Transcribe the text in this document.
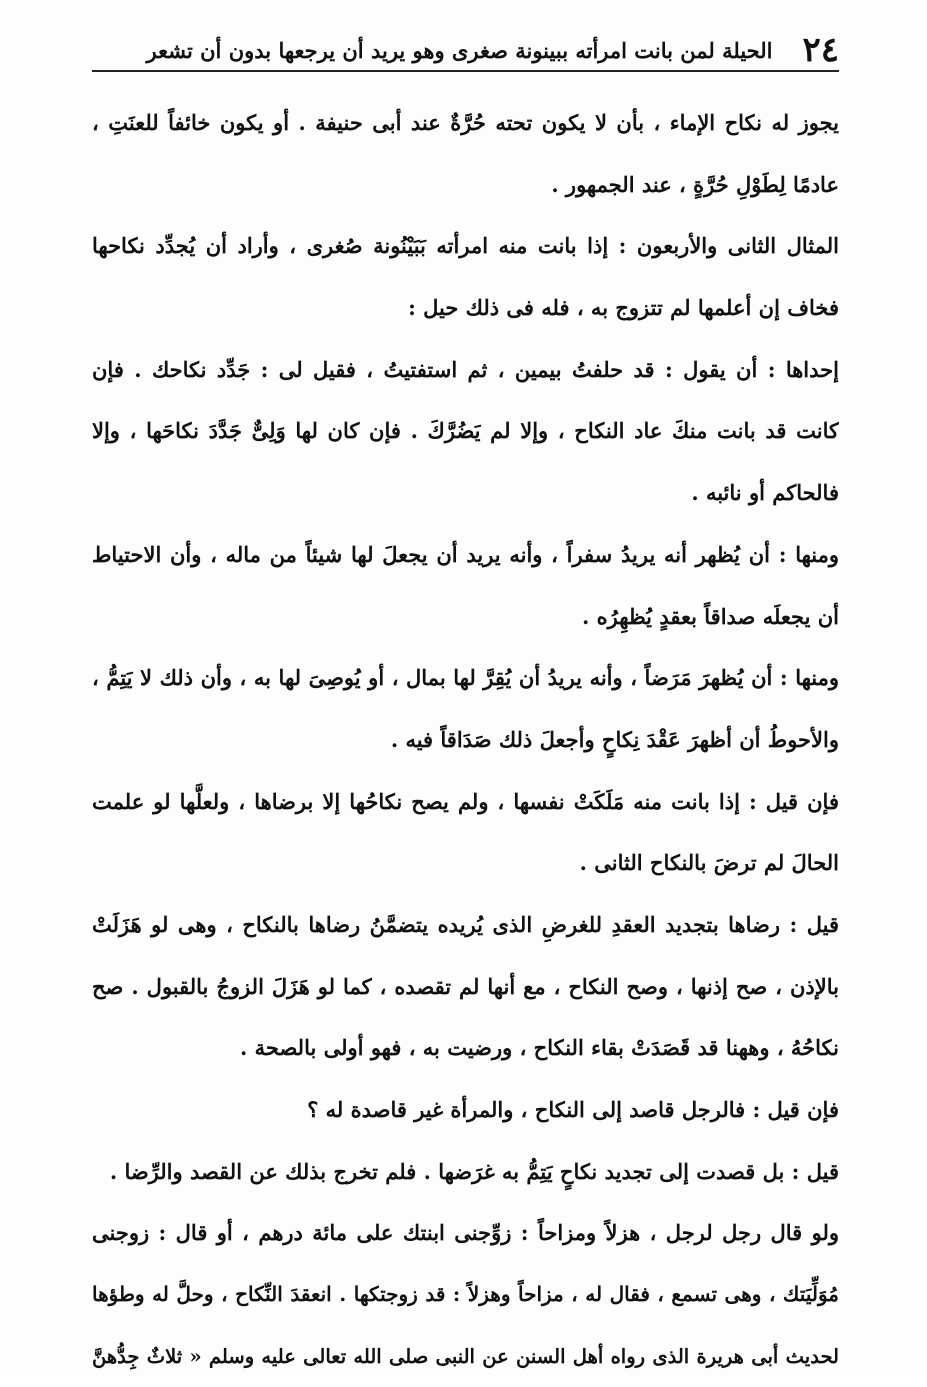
٢٤
الحيلة لمن بانت امرأته ببينونة صغرى وهو يريد أن يرجعها بدون أن تشعر
يجوز له نكاح الإماء ، بأن لا يكون تحته حُرَّةٌ عند أبى حنيفة . أو يكون خائفاً للعنَتِ ،
عادمًا لِطَوْلِ حُرَّةٍ ، عند الجمهور .
المثال الثانى والأربعون : إذا بانت منه امرأته بَبَيْنُونة صُغرى ، وأراد أن يُجدِّد نكاحها
فخاف إن أعلمها لم تتزوج به ، فله فى ذلك حيل :
إحداها : أن يقول : قد حلفتُ بيمين ، ثم استفتيتُ ، فقيل لى : جَدِّد نكاحك . فإن
كانت قد بانت منكَ عاد النكاح ، وإلا لم يَضُرَّكَ . فإن كان لها وَلِىٌّ جَدَّدَ نكاحَها ، وإلا
فالحاكم أو نائبه .
ومنها : أن يُظهر أنه يريدُ سفراً ، وأنه يريد أن يجعلَ لها شيئاً من ماله ، وأن الاحتياط
أن يجعلَه صداقاً بعقدٍ يُظهِرُه .
ومنها : أن يُظهرَ مَرَضاً ، وأنه يريدُ أن يُقِرَّ لها بمال ، أو يُوصِىَ لها به ، وأن ذلك لا يَتِمُّ ،
والأحوطُ أن أظهرَ عَقْدَ نِكاحٍ وأجعلَ ذلك صَدَاقاً فيه .
فإن قيل : إذا بانت منه مَلَكَتْ نفسها ، ولم يصح نكاحُها إلا برضاها ، ولعلَّها لو علمت
الحالَ لم ترضَ بالنكاح الثانى .
قيل : رضاها بتجديد العقدِ للغرضِ الذى يُريده يتضمَّنُ رضاها بالنكاح ، وهى لو هَزَلَتْ
بالإذن ، صح إذنها ، وصح النكاح ، مع أنها لم تقصده ، كما لو هَزَلَ الزوجُ بالقبول . صح
نكاحُهُ ، وههنا قد قَصَدَتْ بقاء النكاح ، ورضيت به ، فهو أولى بالصحة .
فإن قيل : فالرجل قاصد إلى النكاح ، والمرأة غير قاصدة له ؟
قيل : بل قصدت إلى تجديد نكاحٍ يَتِمُّ به غرَضها . فلم تخرج بذلك عن القصد والرِّضا .
ولو قال رجل لرجل ، هزلاً ومزاحاً : زوِّجنى ابنتك على مائة درهم ، أو قال : زوجنى
مُوَلِّيَتك ، وهى تسمع ، فقال له ، مزاحاً وهزلاً : قد زوجتكها . انعقدَ النِّكاح ، وحلَّ له وطؤها
لحديث أبى هريرة الذى رواه أهل السنن عن النبى صلى الله تعالى عليه وسلم « ثلاثٌ جِدُّهنَّ
